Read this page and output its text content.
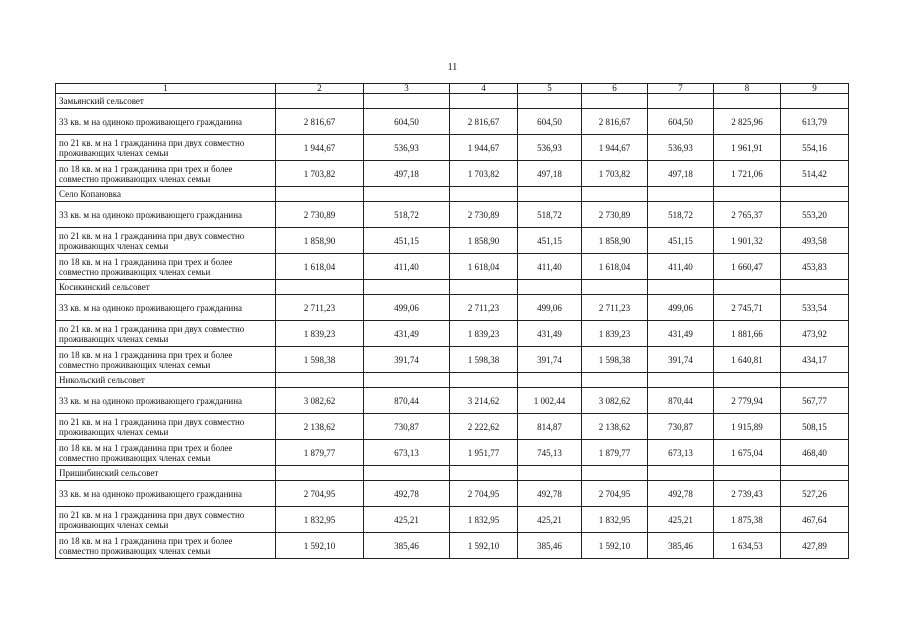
11
1	2	3	4	5	6	7	8	9
Замьянский сельсовет								
33 кв. м на одиноко проживающего граждaнина	2 816,67	604,50	2 816,67	604,50	2 816,67	604,50	2 825,96	613,79
по 21 кв. м на 1 гражданина при двух совместно проживающих членах семьи	1 944,67	536,93	1 944,67	536,93	1 944,67	536,93	1 961,91	554,16
по 18 кв. м на 1 гражданина при трех и более совместно проживающих членах семьи	1 703,82	497,18	1 703,82	497,18	1 703,82	497,18	1 721,06	514,42
Село Копановка								
33 кв. м на одиноко проживающего граждaнина	2 730,89	518,72	2 730,89	518,72	2 730,89	518,72	2 765,37	553,20
по 21 кв. м на 1 гражданина при двух совместно проживающих членах семьи	1 858,90	451,15	1 858,90	451,15	1 858,90	451,15	1 901,32	493,58
по 18 кв. м на 1 гражданина при трех и более совместно проживающих членах семьи	1 618,04	411,40	1 618,04	411,40	1 618,04	411,40	1 660,47	453,83
Косикинский сельсовет								
33 кв. м на одиноко проживающего граждaнина	2 711,23	499,06	2 711,23	499,06	2 711,23	499,06	2 745,71	533,54
по 21 кв. м на 1 гражданина при двух совместно проживающих членах семьи	1 839,23	431,49	1 839,23	431,49	1 839,23	431,49	1 881,66	473,92
по 18 кв. м на 1 гражданина при трех и более совместно проживающих членах семьи	1 598,38	391,74	1 598,38	391,74	1 598,38	391,74	1 640,81	434,17
Никольский сельсовет								
33 кв. м на одиноко проживающего граждaнина	3 082,62	870,44	3 214,62	1 002,44	3 082,62	870,44	2 779,94	567,77
по 21 кв. м на 1 гражданина при двух совместно проживающих членах семьи	2 138,62	730,87	2 222,62	814,87	2 138,62	730,87	1 915,89	508,15
по 18 кв. м на 1 гражданина при трех и более совместно проживающих членах семьи	1 879,77	673,13	1 951,77	745,13	1 879,77	673,13	1 675,04	468,40
Пришибинский сельсовет								
33 кв. м на одиноко проживающего граждaнина	2 704,95	492,78	2 704,95	492,78	2 704,95	492,78	2 739,43	527,26
по 21 кв. м на 1 гражданина при двух совместно проживающих членах семьи	1 832,95	425,21	1 832,95	425,21	1 832,95	425,21	1 875,38	467,64
по 18 кв. м на 1 гражданина при трех и более совместно проживающих членах семьи	1 592,10	385,46	1 592,10	385,46	1 592,10	385,46	1 634,53	427,89
